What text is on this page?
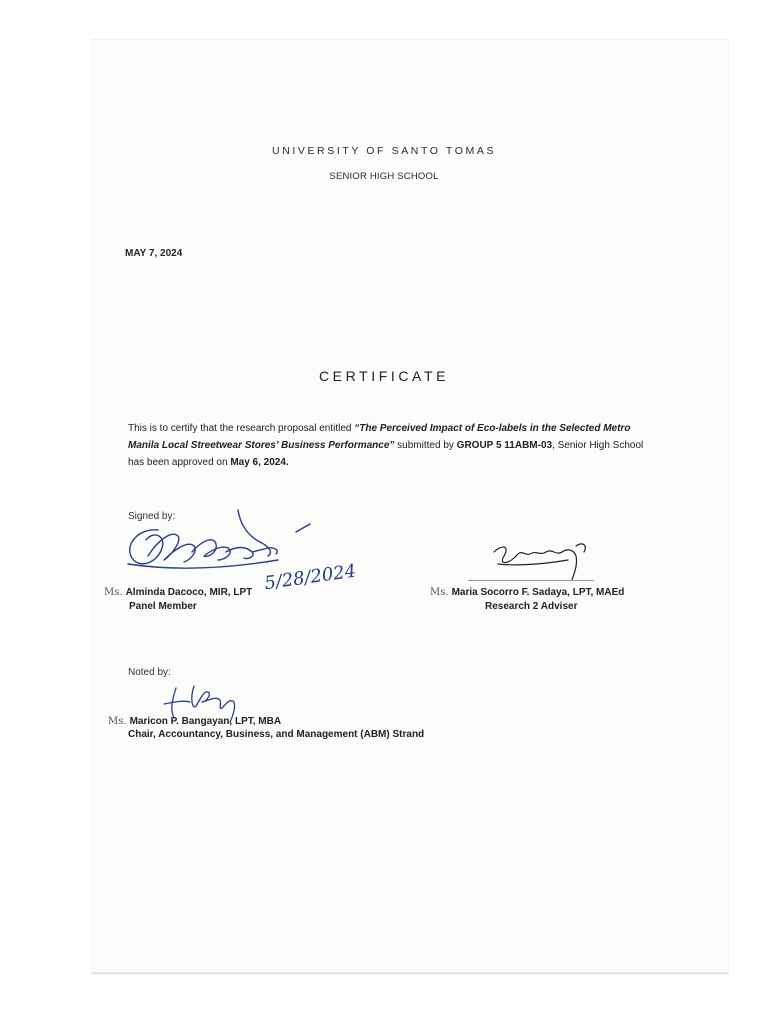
UNIVERSITY OF SANTO TOMAS
SENIOR HIGH SCHOOL
MAY 7, 2024
CERTIFICATE
This is to certify that the research proposal entitled “The Perceived Impact of Eco-labels in the Selected Metro Manila Local Streetwear Stores’ Business Performance” submitted by GROUP 5 11ABM-03, Senior High School has been approved on May 6, 2024.
Signed by:
5/28/2024
Ms. Alminda Dacoco, MIR, LPT
Panel Member
Ms. Maria Socorro F. Sadaya, LPT, MAEd
Research 2 Adviser
Noted by:
Ms. Maricon P. Bangayan, LPT, MBA
Chair, Accountancy, Business, and Management (ABM) Strand
